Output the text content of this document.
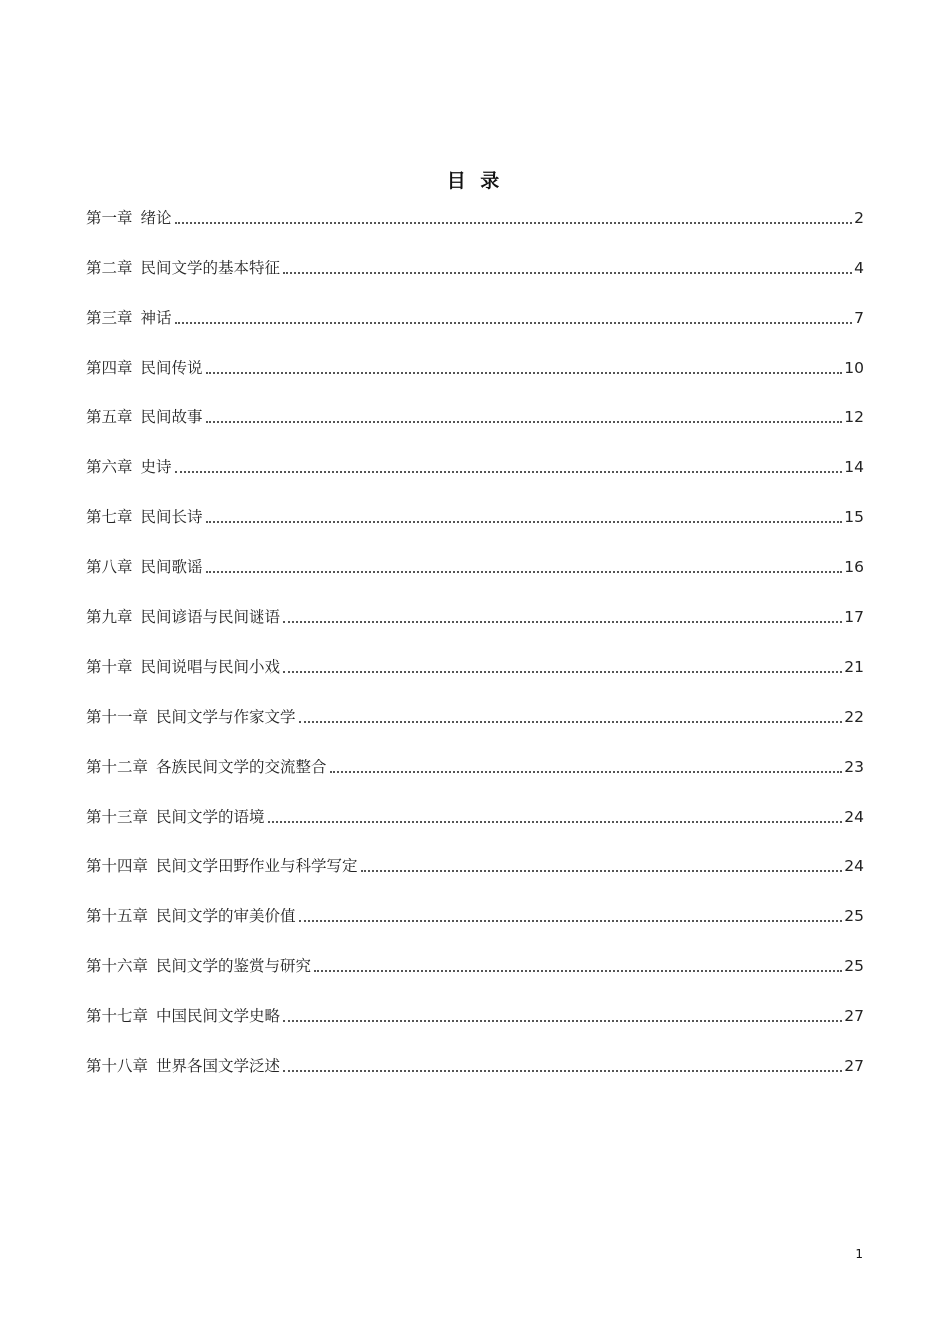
目 录
第一章 绪论	2
第二章 民间文学的基本特征	4
第三章 神话	7
第四章 民间传说	10
第五章 民间故事	12
第六章 史诗	14
第七章 民间长诗	15
第八章 民间歌谣	16
第九章 民间谚语与民间谜语	17
第十章 民间说唱与民间小戏	21
第十一章 民间文学与作家文学	22
第十二章 各族民间文学的交流整合	23
第十三章 民间文学的语境	24
第十四章 民间文学田野作业与科学写定	24
第十五章 民间文学的审美价值	25
第十六章 民间文学的鉴赏与研究	25
第十七章 中国民间文学史略	27
第十八章 世界各国文学泛述	27
1
